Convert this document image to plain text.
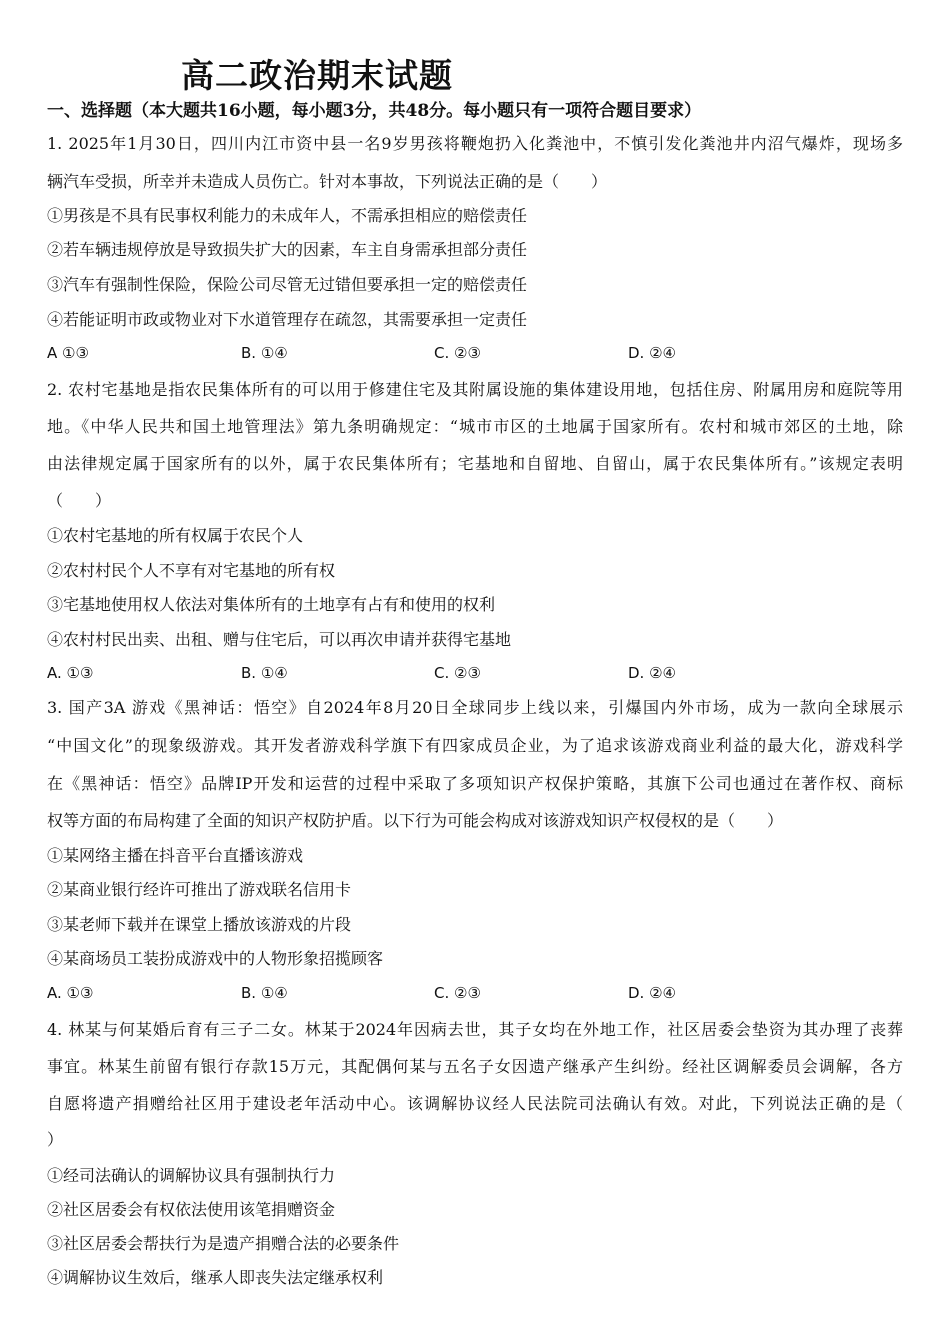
高二政治期末试题
一、选择题（本大题共16小题，每小题3分，共48分。每小题只有一项符合题目要求）
1. 2025年1月30日，四川内江市资中县一名9岁男孩将鞭炮扔入化粪池中，不慎引发化粪池井内沼气爆炸，现场多
辆汽车受损，所幸并未造成人员伤亡。针对本事故，下列说法正确的是（　　）
①男孩是不具有民事权利能力的未成年人，不需承担相应的赔偿责任
②若车辆违规停放是导致损失扩大的因素，车主自身需承担部分责任
③汽车有强制性保险，保险公司尽管无过错但要承担一定的赔偿责任
④若能证明市政或物业对下水道管理存在疏忽，其需要承担一定责任
A ①③	B. ①④	C. ②③	D. ②④
2. 农村宅基地是指农民集体所有的可以用于修建住宅及其附属设施的集体建设用地，包括住房、附属用房和庭院等用
地。《中华人民共和国土地管理法》第九条明确规定：“城市市区的土地属于国家所有。农村和城市郊区的土地，除
由法律规定属于国家所有的以外，属于农民集体所有；宅基地和自留地、自留山，属于农民集体所有。”该规定表明
（　　）
①农村宅基地的所有权属于农民个人
②农村村民个人不享有对宅基地的所有权
③宅基地使用权人依法对集体所有的土地享有占有和使用的权利
④农村村民出卖、出租、赠与住宅后，可以再次申请并获得宅基地
A. ①③	B. ①④	C. ②③	D. ②④
3. 国产3A 游戏《黑神话：悟空》自2024年8月20日全球同步上线以来，引爆国内外市场，成为一款向全球展示
“中国文化”的现象级游戏。其开发者游戏科学旗下有四家成员企业，为了追求该游戏商业利益的最大化，游戏科学
在《黑神话：悟空》品牌IP开发和运营的过程中采取了多项知识产权保护策略，其旗下公司也通过在著作权、商标
权等方面的布局构建了全面的知识产权防护盾。以下行为可能会构成对该游戏知识产权侵权的是（　　）
①某网络主播在抖音平台直播该游戏
②某商业银行经许可推出了游戏联名信用卡
③某老师下载并在课堂上播放该游戏的片段
④某商场员工装扮成游戏中的人物形象招揽顾客
A. ①③	B. ①④	C. ②③	D. ②④
4. 林某与何某婚后育有三子二女。林某于2024年因病去世，其子女均在外地工作，社区居委会垫资为其办理了丧葬
事宜。林某生前留有银行存款15万元，其配偶何某与五名子女因遗产继承产生纠纷。经社区调解委员会调解，各方
自愿将遗产捐赠给社区用于建设老年活动中心。该调解协议经人民法院司法确认有效。对此，下列说法正确的是（
）
①经司法确认的调解协议具有强制执行力
②社区居委会有权依法使用该笔捐赠资金
③社区居委会帮扶行为是遗产捐赠合法的必要条件
④调解协议生效后，继承人即丧失法定继承权利
